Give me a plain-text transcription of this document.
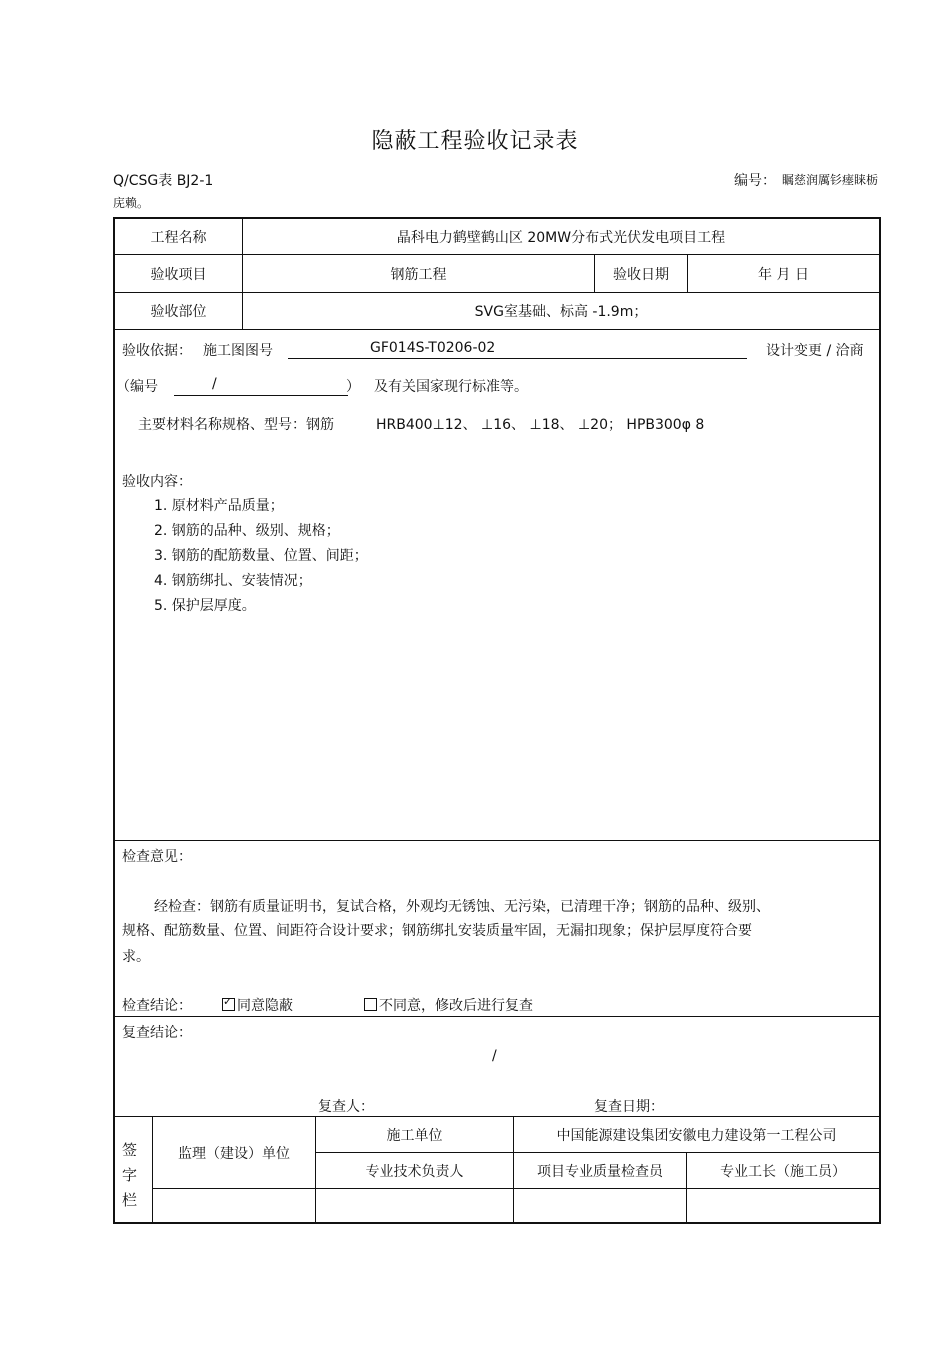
隐蔽工程验收记录表
Q/CSG表 BJ2-1	编号： 瞩慈润厲钐瘗睐栃
庑赖。
工程名称	晶科电力鹤壁鹤山区 20MW分布式光伏发电项目工程
验收项目	钢筋工程	验收日期	年 月 日
验收部位	SVG室基础、标高 -1.9m；
验收依据： 施工图图号	GF014S-T0206-02	设计变更 / 洽商
（编号	/	） 及有关国家现行标准等。
主要材料名称规格、型号：钢筋	HRB400⊥12、 ⊥16、 ⊥18、 ⊥20； HPB300φ 8
验收内容：
1. 原材料产品质量；
2. 钢筋的品种、级别、规格；
3. 钢筋的配筋数量、位置、间距；
4. 钢筋绑扎、安装情况；
5. 保护层厚度。
检查意见：
经检查：钢筋有质量证明书，复试合格，外观均无锈蚀、无污染，已清理干净；钢筋的品种、级别、
规格、配筋数量、位置、间距符合设计要求；钢筋绑扎安装质量牢固，无漏扣现象；保护层厚度符合要
求。
检查结论：
✓	同意隐蔽	不同意，修改后进行复查
复查结论：
/
复查人：	复查日期：
签
字
栏
监理（建设）单位
施工单位	中国能源建设集团安徽电力建设第一工程公司
专业技术负责人	项目专业质量检查员	专业工长（施工员）
